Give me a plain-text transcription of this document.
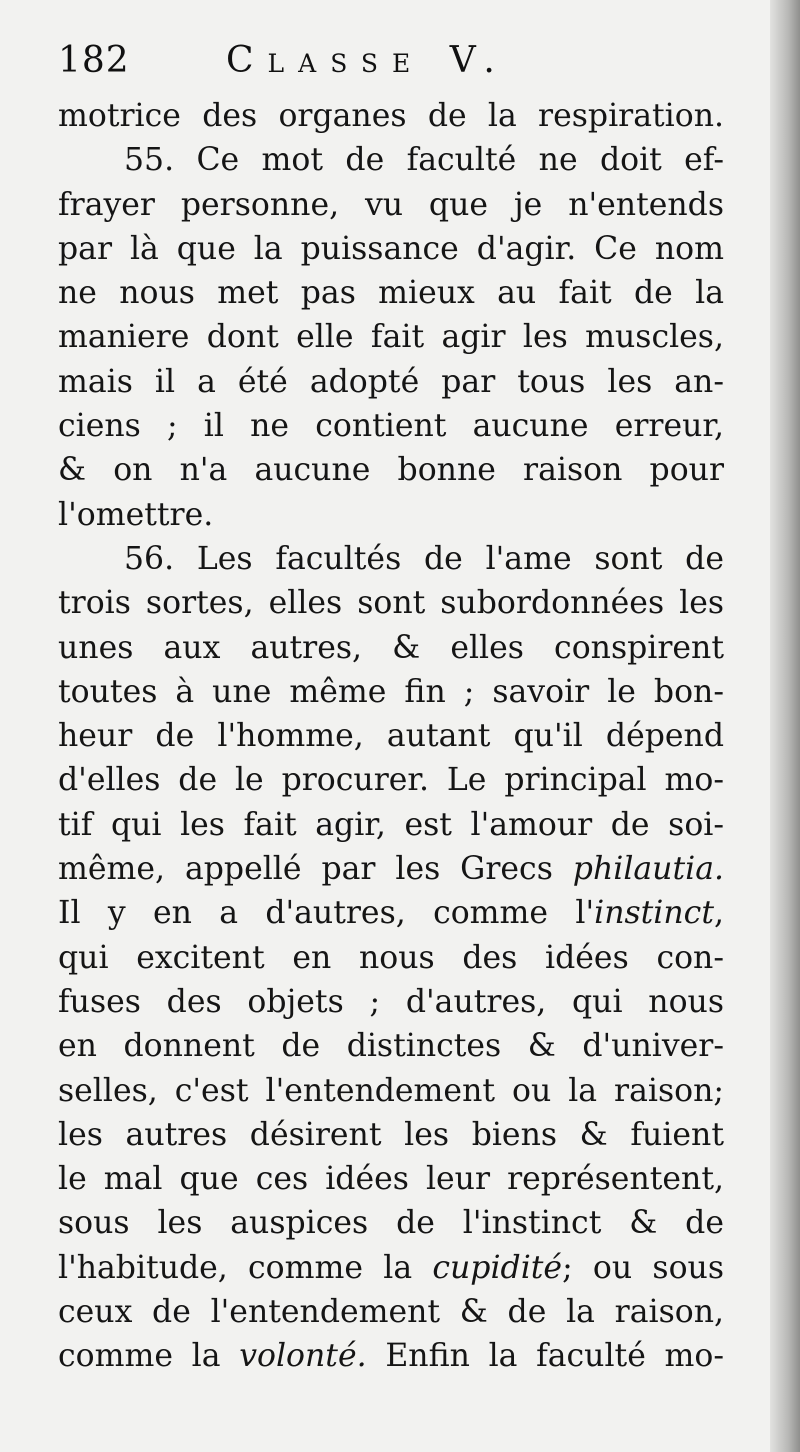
182	Classe V.
motrice des organes de la respiration.
55. Ce mot de faculté ne doit ef-
frayer personne, vu que je n'entends
par là que la puissance d'agir. Ce nom
ne nous met pas mieux au fait de la
maniere dont elle fait agir les muscles,
mais il a été adopté par tous les an-
ciens ; il ne contient aucune erreur,
& on n'a aucune bonne raison pour
l'omettre.
56. Les facultés de l'ame sont de
trois sortes, elles sont subordonnées les
unes aux autres, & elles conspirent
toutes à une même fin ; savoir le bon-
heur de l'homme, autant qu'il dépend
d'elles de le procurer. Le principal mo-
tif qui les fait agir, est l'amour de soi-
même, appellé par les Grecs philautia.
Il y en a d'autres, comme l'instinct,
qui excitent en nous des idées con-
fuses des objets ; d'autres, qui nous
en donnent de distinctes & d'univer-
selles, c'est l'entendement ou la raison;
les autres désirent les biens & fuient
le mal que ces idées leur représentent,
sous les auspices de l'instinct & de
l'habitude, comme la cupidité; ou sous
ceux de l'entendement & de la raison,
comme la volonté. Enfin la faculté mo-
